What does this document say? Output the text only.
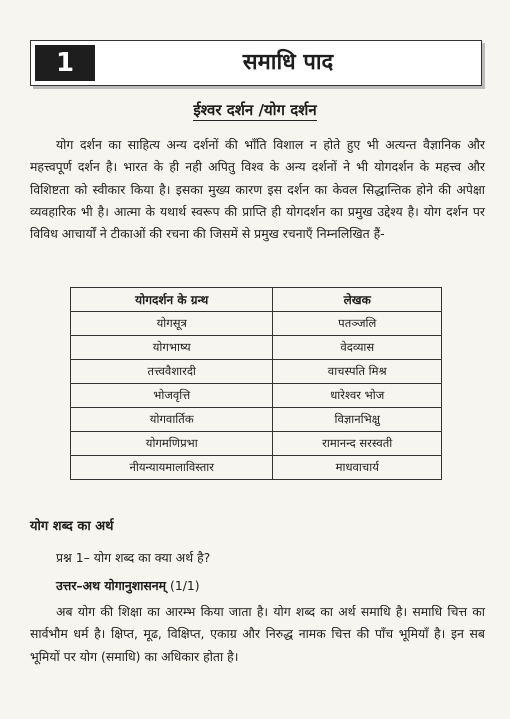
1	समाधि पाद
ईश्वर दर्शन /योग दर्शन

योग दर्शन का साहित्य अन्य दर्शनों की भाँति विशाल न होते हुए भी अत्यन्त वैज्ञानिक और महत्त्वपूर्ण दर्शन है। भारत के ही नही अपितु विश्व के अन्य दर्शनों ने भी योगदर्शन के महत्त्व और विशिष्टता को स्वीकार किया है। इसका मुख्य कारण इस दर्शन का केवल सिद्धान्तिक होने की अपेक्षा व्यवहारिक भी है। आत्मा के यथार्थ स्वरूप की प्राप्ति ही योगदर्शन का प्रमुख उद्देश्य है। योग दर्शन पर विविध आचार्यों ने टीकाओं की रचना की जिसमें से प्रमुख रचनाएँ निम्नलिखित हैं-

योगदर्शन के ग्रन्थ	लेखक
योगसूत्र	पतञ्जलि
योगभाष्य	वेदव्यास
तत्त्ववैशारदी	वाचस्पति मिश्र
भोजवृत्ति	धारेश्वर भोज
योगवार्तिक	विज्ञानभिक्षु
योगमणिप्रभा	रामानन्द सरस्वती
नीयन्यायमालाविस्तार	माधवाचार्य
योग शब्द का अर्थ
प्रश्न 1– योग शब्द का क्या अर्थ है?
उत्तर–अथ योगानुशासनम् (1/1)

अब योग की शिक्षा का आरम्भ किया जाता है। योग शब्द का अर्थ समाधि है। समाधि चित्त का सार्वभौम धर्म है। क्षिप्त, मूढ, विक्षिप्त, एकाग्र और निरुद्ध नामक चित्त की पाँच भूमियाँ है। इन सब भूमियों पर योग (समाधि) का अधिकार होता है।
